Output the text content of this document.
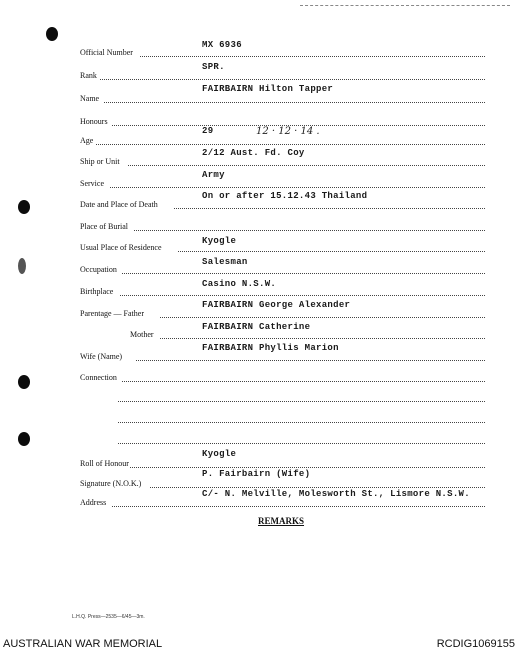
Official Number
MX 6936
Rank
SPR.
Name
FAIRBAIRN Hilton Tapper
Honours
Age
29	12 · 12 · 14 .
Ship or Unit
2/12 Aust. Fd. Coy
Service
Army
Date and Place of Death
On or after 15.12.43 Thailand
Place of Burial
Usual Place of Residence
Kyogle
Occupation
Salesman
Birthplace
Casino N.S.W.
Parentage — Father
FAIRBAIRN George Alexander
Mother
FAIRBAIRN Catherine
Wife (Name)
FAIRBAIRN Phyllis Marion
Connection
Roll of Honour
Kyogle
Signature (N.O.K.)
P. Fairbairn (Wife)
Address
C/- N. Melville, Molesworth St., Lismore N.S.W.
REMARKS
L.H.Q. Press—2535—6/45—3m.
AUSTRALIAN WAR MEMORIAL	RCDIG1069155
